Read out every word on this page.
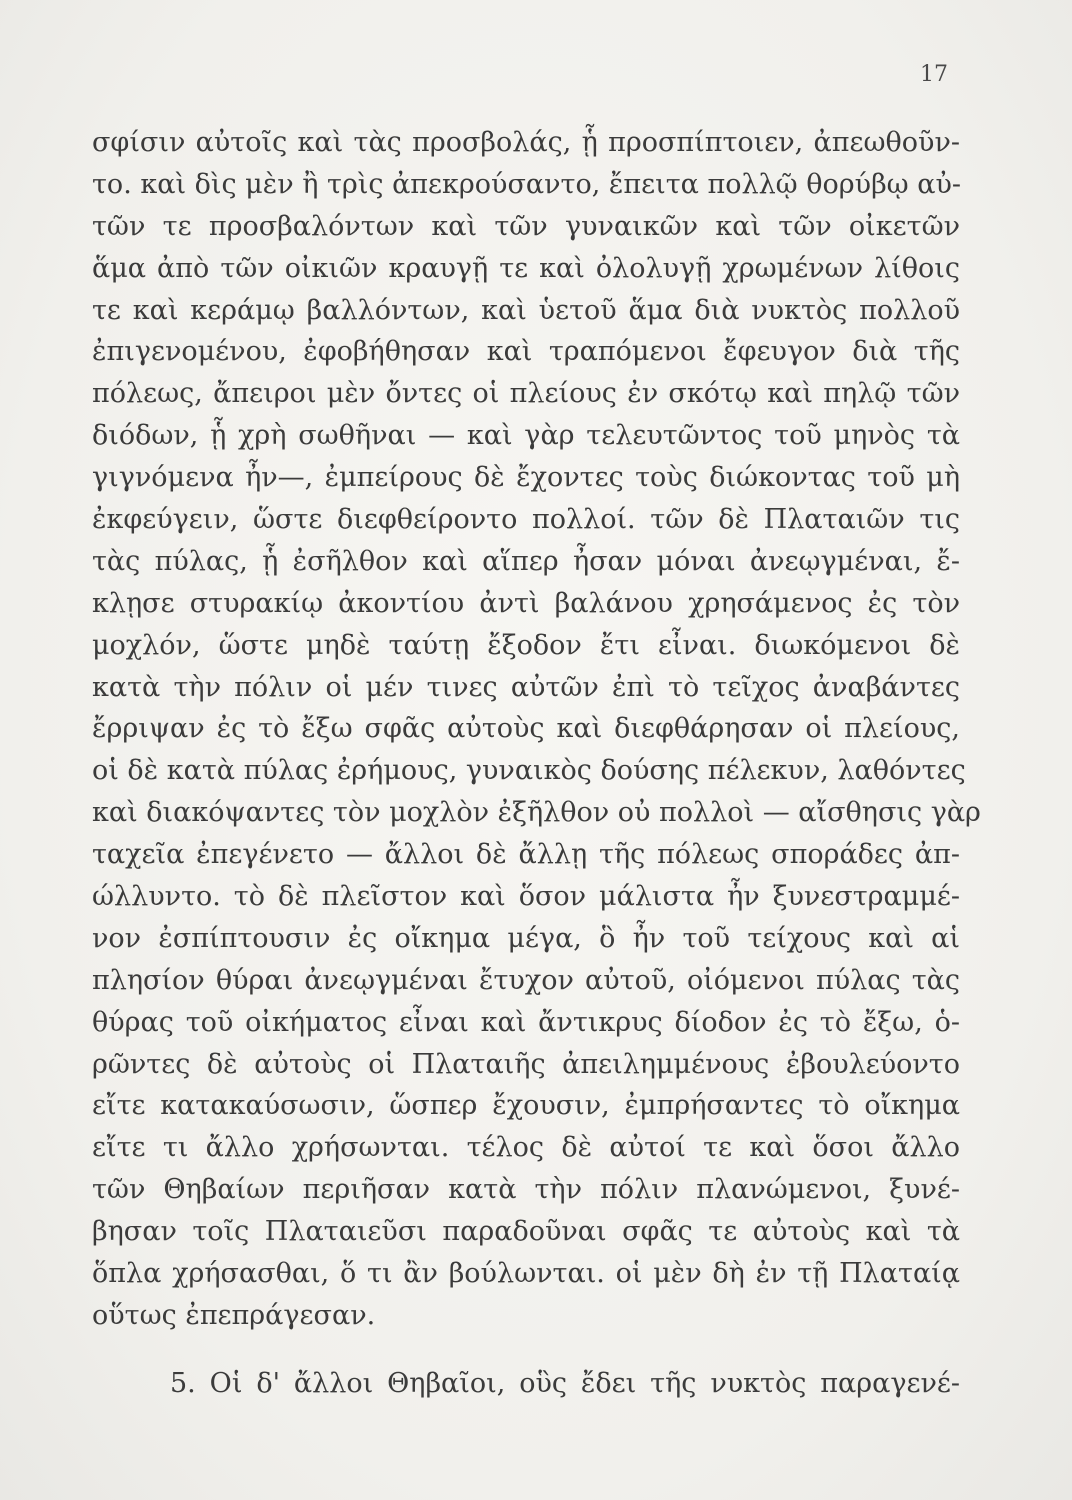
17
σφίσιν αὐτοῖς καὶ τὰς προσβολάς, ᾗ προσπίπτοιεν, ἀπεωθοῦν-
το. καὶ δὶς μὲν ἢ τρὶς ἀπεκρούσαντο, ἔπειτα πολλῷ θορύβῳ αὐ-
τῶν τε προσβαλόντων καὶ τῶν γυναικῶν καὶ τῶν οἰκετῶν
ἅμα ἀπὸ τῶν οἰκιῶν κραυγῇ τε καὶ ὀλολυγῇ χρωμένων λίθοις
τε καὶ κεράμῳ βαλλόντων, καὶ ὑετοῦ ἅμα διὰ νυκτὸς πολλοῦ
ἐπιγενομένου, ἐφοβήθησαν καὶ τραπόμενοι ἔφευγον διὰ τῆς
πόλεως, ἄπειροι μὲν ὄντες οἱ πλείους ἐν σκότῳ καὶ πηλῷ τῶν
διόδων, ᾗ χρὴ σωθῆναι — καὶ γὰρ τελευτῶντος τοῦ μηνὸς τὰ
γιγνόμενα ἦν—, ἐμπείρους δὲ ἔχοντες τοὺς διώκοντας τοῦ μὴ
ἐκφεύγειν, ὥστε διεφθείροντο πολλοί. τῶν δὲ Πλαταιῶν τις
τὰς πύλας, ᾗ ἐσῆλθον καὶ αἵπερ ἦσαν μόναι ἀνεῳγμέναι, ἔ-
κλῃσε στυρακίῳ ἀκοντίου ἀντὶ βαλάνου χρησάμενος ἐς τὸν
μοχλόν, ὥστε μηδὲ ταύτῃ ἔξοδον ἔτι εἶναι. διωκόμενοι δὲ
κατὰ τὴν πόλιν οἱ μέν τινες αὐτῶν ἐπὶ τὸ τεῖχος ἀναβάντες
ἔρριψαν ἐς τὸ ἔξω σφᾶς αὐτοὺς καὶ διεφθάρησαν οἱ πλείους,
οἱ δὲ κατὰ πύλας ἐρήμους, γυναικὸς δούσης πέλεκυν, λαθόντες
καὶ διακόψαντες τὸν μοχλὸν ἐξῆλθον οὐ πολλοὶ — αἴσθησις γὰρ
ταχεῖα ἐπεγένετο — ἄλλοι δὲ ἄλλῃ τῆς πόλεως σποράδες ἀπ-
ώλλυντο. τὸ δὲ πλεῖστον καὶ ὅσον μάλιστα ἦν ξυνεστραμμέ-
νον ἐσπίπτουσιν ἐς οἴκημα μέγα, ὃ ἦν τοῦ τείχους καὶ αἱ
πλησίον θύραι ἀνεῳγμέναι ἔτυχον αὐτοῦ, οἰόμενοι πύλας τὰς
θύρας τοῦ οἰκήματος εἶναι καὶ ἄντικρυς δίοδον ἐς τὸ ἔξω, ὁ-
ρῶντες δὲ αὐτοὺς οἱ Πλαταιῆς ἀπειλημμένους ἐβουλεύοντο
εἴτε κατακαύσωσιν, ὥσπερ ἔχουσιν, ἐμπρήσαντες τὸ οἴκημα
εἴτε τι ἄλλο χρήσωνται. τέλος δὲ αὐτοί τε καὶ ὅσοι ἄλλο
τῶν Θηβαίων περιῆσαν κατὰ τὴν πόλιν πλανώμενοι, ξυνέ-
βησαν τοῖς Πλαταιεῦσι παραδοῦναι σφᾶς τε αὐτοὺς καὶ τὰ
ὅπλα χρήσασθαι, ὅ τι ἂν βούλωνται. οἱ μὲν δὴ ἐν τῇ Πλαταίᾳ
οὕτως ἐπεπράγεσαν.
5. Οἱ δ' ἄλλοι Θηβαῖοι, οὓς ἔδει τῆς νυκτὸς παραγενέ-
